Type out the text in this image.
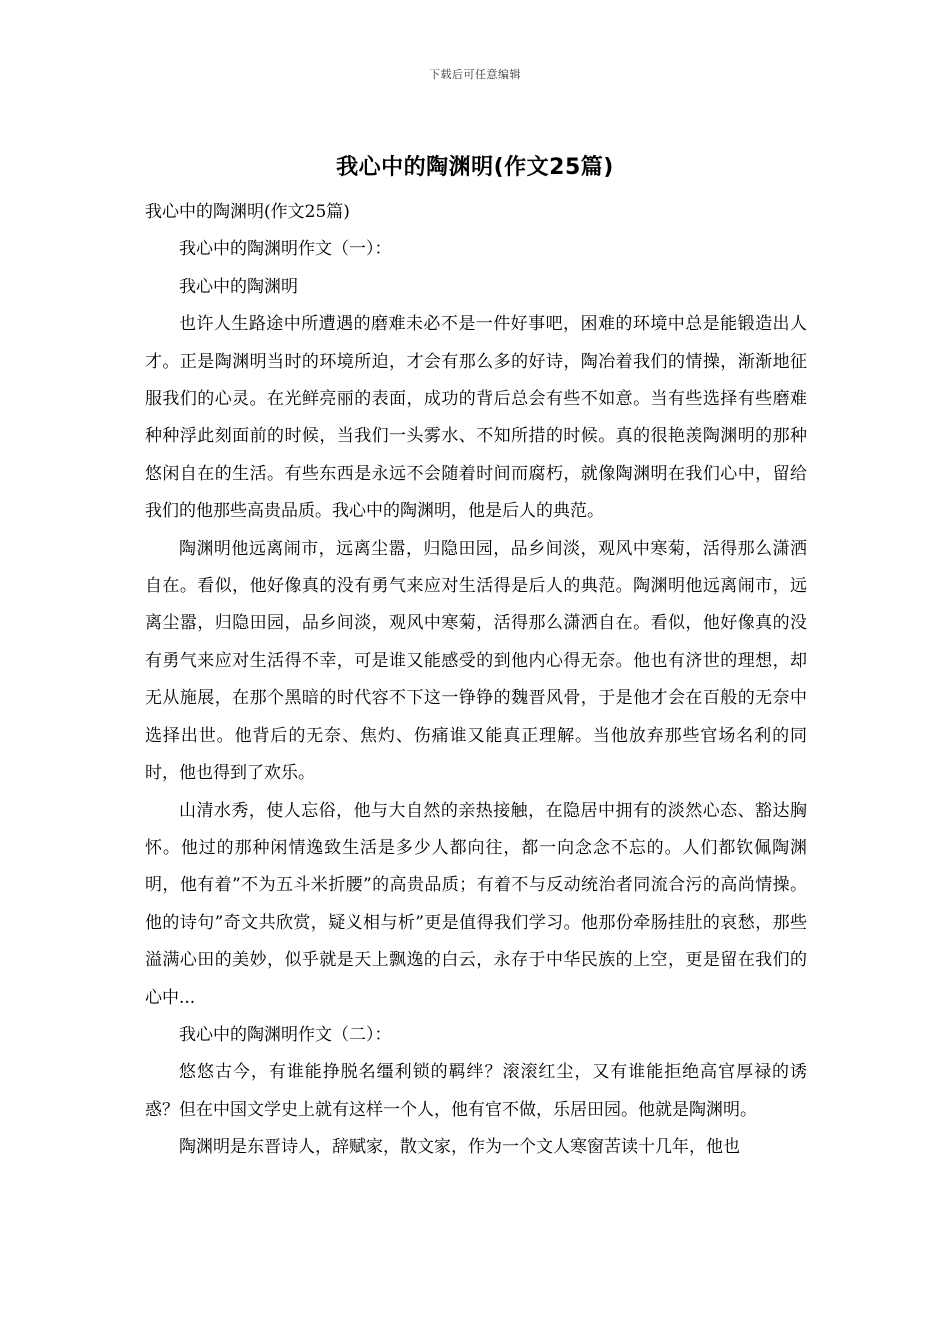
下载后可任意编辑
我心中的陶渊明(作文25篇)

我心中的陶渊明(作文25篇)

我心中的陶渊明作文（一）：

我心中的陶渊明

也许人生路途中所遭遇的磨难未必不是一件好事吧，困难的环境中总是能锻造出人才。正是陶渊明当时的环境所迫，才会有那么多的好诗，陶冶着我们的情操，渐渐地征服我们的心灵。在光鲜亮丽的表面，成功的背后总会有些不如意。当有些选择有些磨难种种浮此刻面前的时候，当我们一头雾水、不知所措的时候。真的很艳羡陶渊明的那种悠闲自在的生活。有些东西是永远不会随着时间而腐朽，就像陶渊明在我们心中，留给我们的他那些高贵品质。我心中的陶渊明，他是后人的典范。

陶渊明他远离闹市，远离尘嚣，归隐田园，品乡间淡，观风中寒菊，活得那么潇洒自在。看似，他好像真的没有勇气来应对生活得是后人的典范。陶渊明他远离闹市，远离尘嚣，归隐田园，品乡间淡，观风中寒菊，活得那么潇洒自在。看似，他好像真的没有勇气来应对生活得不幸，可是谁又能感受的到他内心得无奈。他也有济世的理想，却无从施展，在那个黑暗的时代容不下这一铮铮的魏晋风骨，于是他才会在百般的无奈中选择出世。他背后的无奈、焦灼、伤痛谁又能真正理解。当他放弃那些官场名利的同时，他也得到了欢乐。

山清水秀，使人忘俗，他与大自然的亲热接触，在隐居中拥有的淡然心态、豁达胸怀。他过的那种闲情逸致生活是多少人都向往，都一向念念不忘的。人们都钦佩陶渊明，他有着”不为五斗米折腰”的高贵品质；有着不与反动统治者同流合污的高尚情操。他的诗句”奇文共欣赏，疑义相与析”更是值得我们学习。他那份牵肠挂肚的哀愁，那些溢满心田的美妙，似乎就是天上飘逸的白云，永存于中华民族的上空，更是留在我们的心中...

我心中的陶渊明作文（二）：

悠悠古今，有谁能挣脱名缰利锁的羁绊？滚滚红尘，又有谁能拒绝高官厚禄的诱惑？但在中国文学史上就有这样一个人，他有官不做，乐居田园。他就是陶渊明。

陶渊明是东晋诗人，辞赋家，散文家，作为一个文人寒窗苦读十几年，他也
